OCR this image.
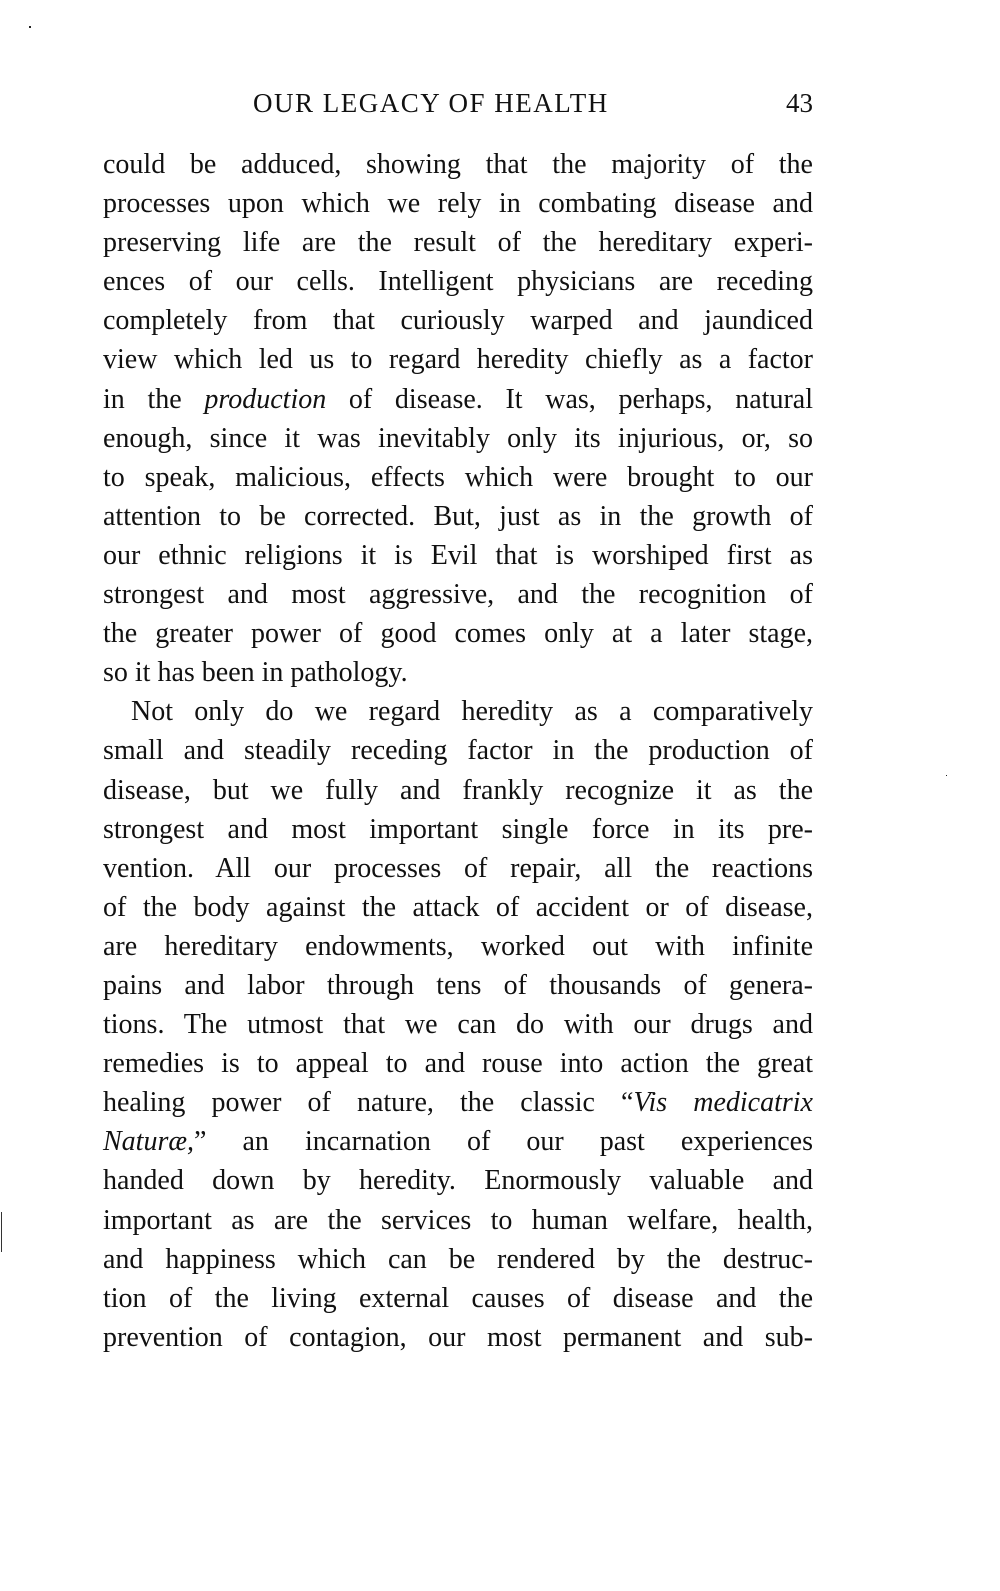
OUR LEGACY OF HEALTH	43
could be adduced, showing that the majority of the
processes upon which we rely in combating disease and
preserving life are the result of the hereditary experi-
ences of our cells. Intelligent physicians are receding
completely from that curiously warped and jaundiced
view which led us to regard heredity chiefly as a factor
in the production of disease. It was, perhaps, natural
enough, since it was inevitably only its injurious, or, so
to speak, malicious, effects which were brought to our
attention to be corrected. But, just as in the growth of
our ethnic religions it is Evil that is worshiped first as
strongest and most aggressive, and the recognition of
the greater power of good comes only at a later stage,
so it has been in pathology.
Not only do we regard heredity as a comparatively
small and steadily receding factor in the production of
disease, but we fully and frankly recognize it as the
strongest and most important single force in its pre-
vention. All our processes of repair, all the reactions
of the body against the attack of accident or of disease,
are hereditary endowments, worked out with infinite
pains and labor through tens of thousands of genera-
tions. The utmost that we can do with our drugs and
remedies is to appeal to and rouse into action the great
healing power of nature, the classic “Vis medicatrix
Naturæ,” an incarnation of our past experiences
handed down by heredity. Enormously valuable and
important as are the services to human welfare, health,
and happiness which can be rendered by the destruc-
tion of the living external causes of disease and the
prevention of contagion, our most permanent and sub-
